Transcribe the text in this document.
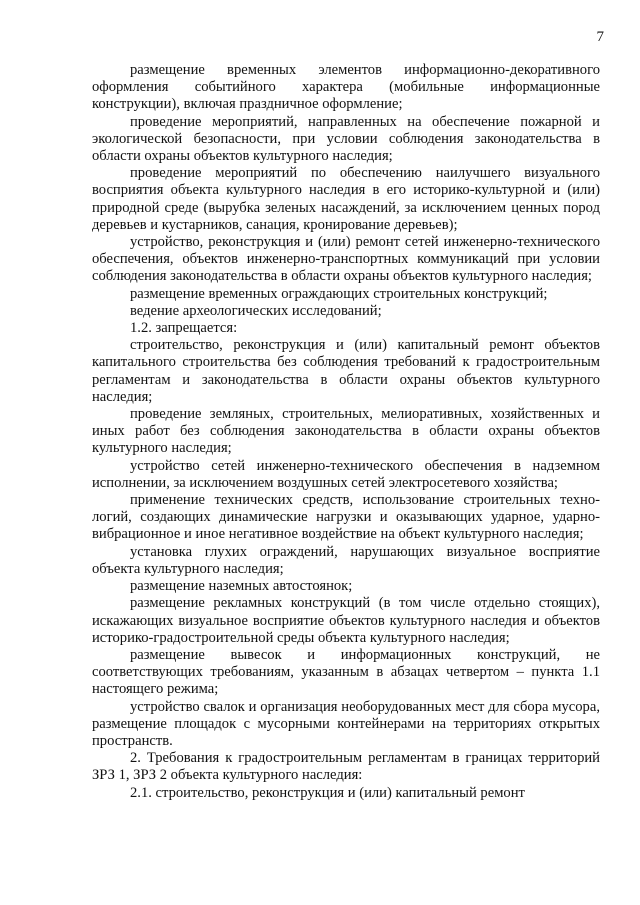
7

размещение временных элементов информационно-декоративного оформления событийного характера (мобильные информационные конструкции), включая праздничное оформление;

проведение мероприятий, направленных на обеспечение пожарной и экологической безопасности, при условии соблюдения законодательства в области охраны объектов культурного наследия;

проведение мероприятий по обеспечению наилучшего визуального восприятия объекта культурного наследия в его историко-культурной и (или) природной среде (вырубка зеленых насаждений, за исключением ценных пород деревьев и кустарников, санация, кронирование деревьев);

устройство, реконструкция и (или) ремонт сетей инженерно-технического обеспечения, объектов инженерно-транспортных коммуникаций при условии соблюдения законодательства в области охраны объектов культурного наследия;

размещение временных ограждающих строительных конструкций;

ведение археологических исследований;

1.2. запрещается:

строительство, реконструкция и (или) капитальный ремонт объектов капитального строительства без соблюдения требований к градостроительным регламентам и законодательства в области охраны объектов культурного наследия;

проведение земляных, строительных, мелиоративных, хозяйственных и иных работ без соблюдения законодательства в области охраны объектов культурного наследия;

устройство сетей инженерно-технического обеспечения в надземном исполнении, за исключением воздушных сетей электросетевого хозяйства;

применение технических средств, использование строительных технологий, создающих динамические нагрузки и оказывающих ударное, ударновибрационное и иное негативное воздействие на объект культурного наследия;

установка глухих ограждений, нарушающих визуальное восприятие объекта культурного наследия;

размещение наземных автостоянок;

размещение рекламных конструкций (в том числе отдельно стоящих), искажающих визуальное восприятие объектов культурного наследия и объектов историко-градостроительной среды объекта культурного наследия;

размещение вывесок и информационных конструкций, не соответствующих требованиям, указанным в абзацах четвертом – пункта 1.1 настоящего режима;

устройство свалок и организация необорудованных мест для сбора мусора, размещение площадок с мусорными контейнерами на территориях открытых пространств.

2. Требования к градостроительным регламентам в границах территорий ЗРЗ 1, ЗРЗ 2 объекта культурного наследия:

2.1. строительство, реконструкция и (или) капитальный ремонт
